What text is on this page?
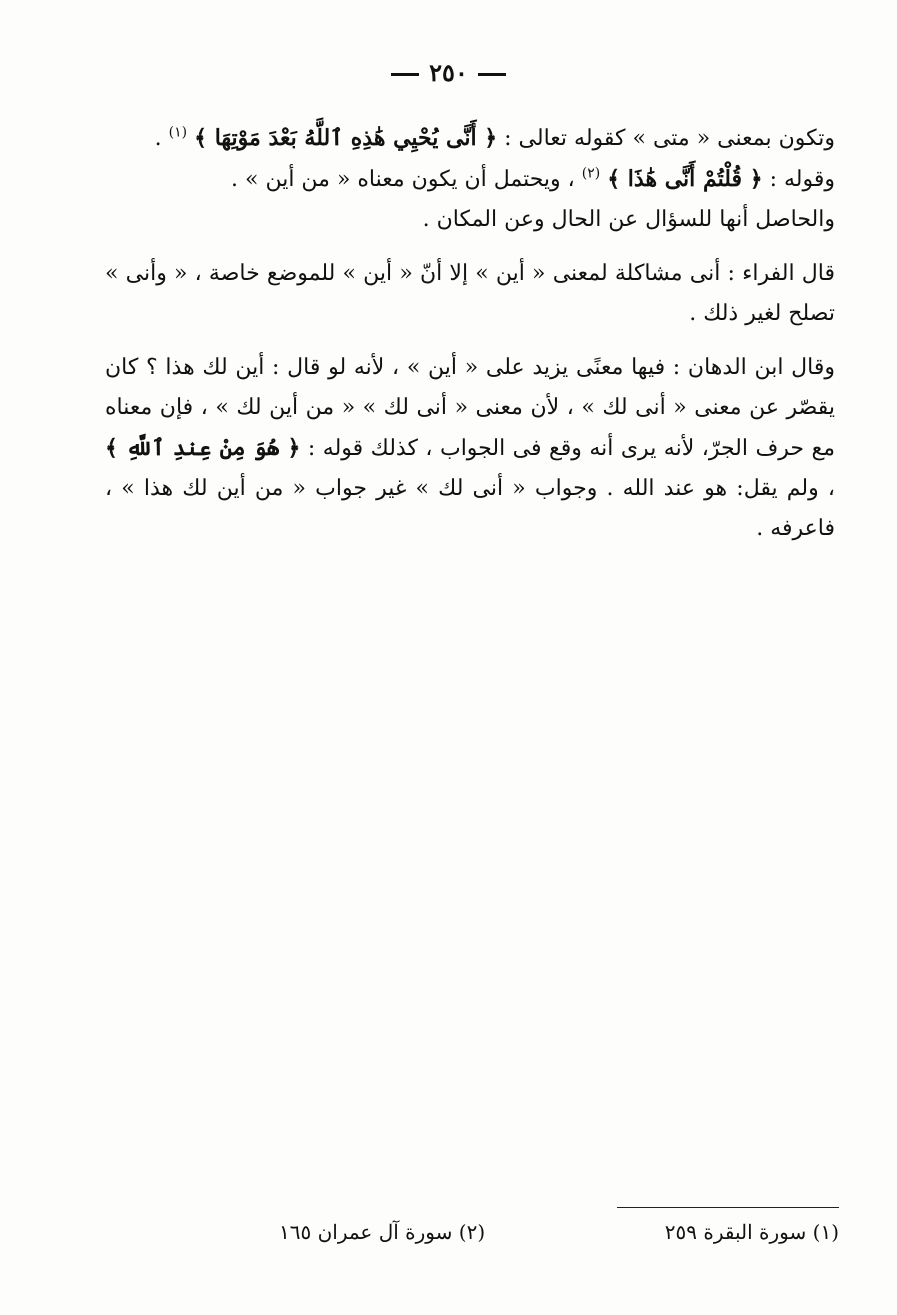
٢٥٠

وتكون بمعنى « متى » كقوله تعالى : ﴿ أَنَّى يُحْيِي هَٰذِهِ ٱللَّهُ بَعْدَ مَوْتِهَا ﴾ $^{(١)}$ .

وقوله : ﴿ قُلْتُمْ أَنَّى هَٰذَا ﴾ $^{(٢)}$ ، ويحتمل أن يكون معناه « من أين » .

والحاصل أنها للسؤال عن الحال وعن المكان .

قال الفراء : أنى مشاكلة لمعنى « أين » إلا أنّ « أين » للموضع خاصة ، « وأنى » تصلح لغير ذلك .

وقال ابن الدهان : فيها معنًى يزيد على « أين » ، لأنه لو قال : أين لك هذا ؟ كان يقصّر عن معنى « أنى لك » ، لأن معنى « أنى لك » « من أين لك » ، فإن معناه مع حرف الجرّ، لأنه يرى أنه وقع فى الجواب ، كذلك قوله : ﴿ هُوَ مِنْ عِندِ ٱللَّهِ ﴾ ، ولم يقل: هو عند الله . وجواب « أنى لك » غير جواب « من أين لك هذا » ، فاعرفه .

(١) سورة البقرة ٢٥٩
(٢) سورة آل عمران ١٦٥
